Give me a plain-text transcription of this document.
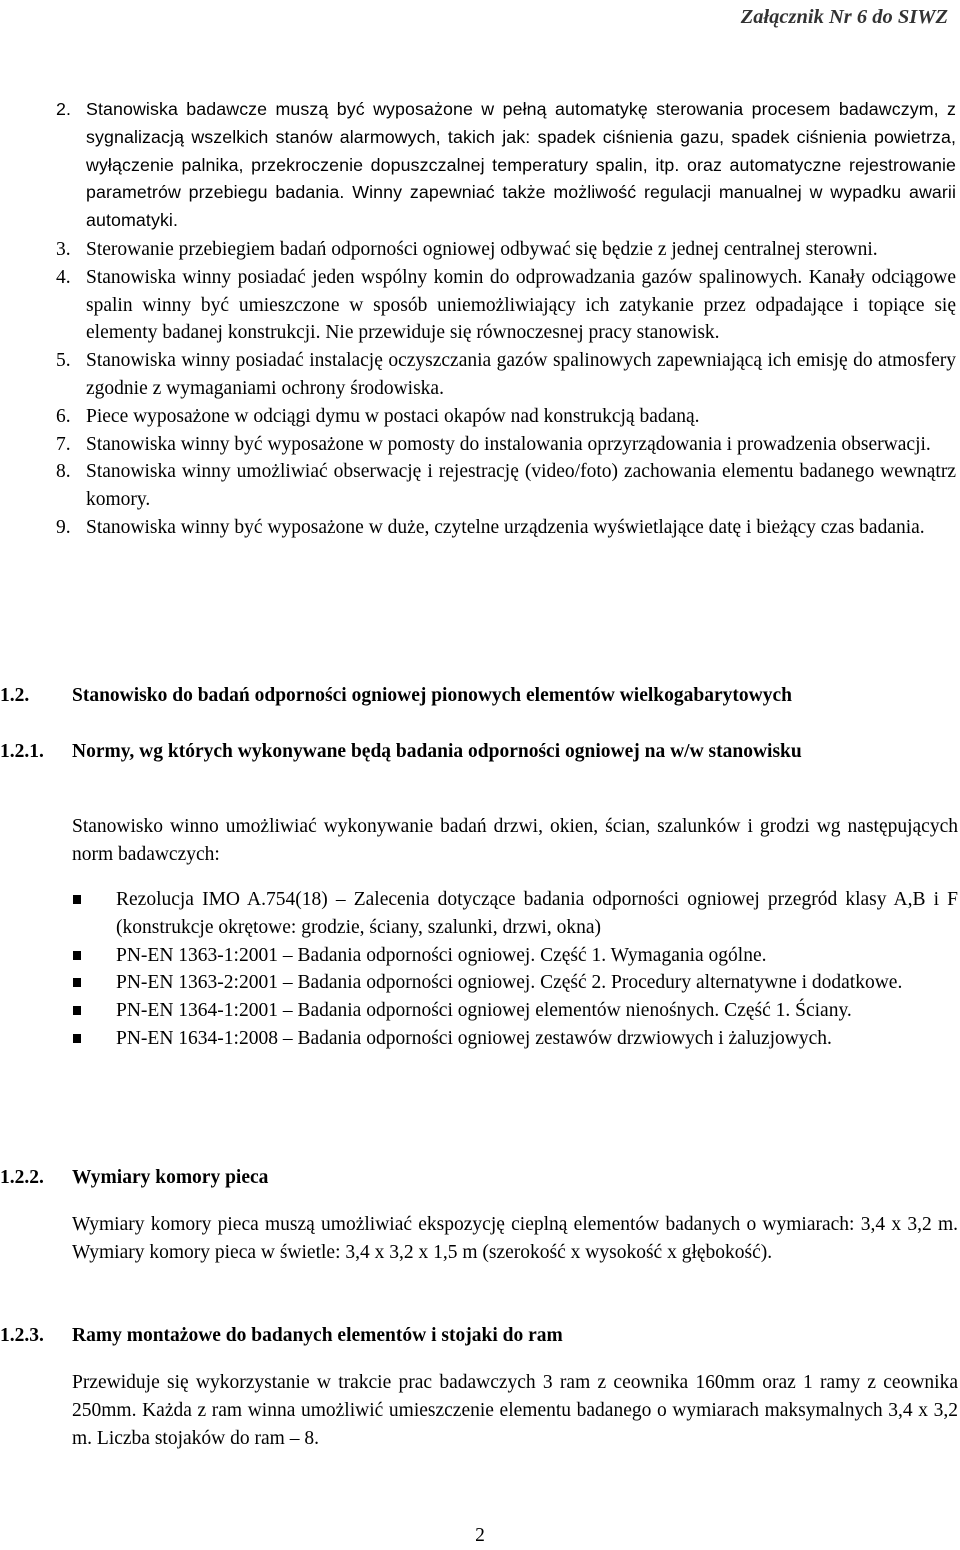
Załącznik Nr 6 do SIWZ
2. Stanowiska badawcze muszą być wyposażone w pełną automatykę sterowania procesem badawczym, z sygnalizacją wszelkich stanów alarmowych, takich jak: spadek ciśnienia gazu, spadek ciśnienia powietrza, wyłączenie palnika, przekroczenie dopuszczalnej temperatury spalin, itp. oraz automatyczne rejestrowanie parametrów przebiegu badania. Winny zapewniać także możliwość regulacji manualnej w wypadku awarii automatyki.
3. Sterowanie przebiegiem badań odporności ogniowej odbywać się będzie z jednej centralnej sterowni.
4. Stanowiska winny posiadać jeden wspólny komin do odprowadzania gazów spalinowych. Kanały odciągowe spalin winny być umieszczone w sposób uniemożliwiający ich zatykanie przez odpadające i topiące się elementy badanej konstrukcji. Nie przewiduje się równoczesnej pracy stanowisk.
5. Stanowiska winny posiadać instalację oczyszczania gazów spalinowych zapewniającą ich emisję do atmosfery zgodnie z wymaganiami ochrony środowiska.
6. Piece wyposażone w odciągi dymu w postaci okapów nad konstrukcją badaną.
7. Stanowiska winny być wyposażone w pomosty do instalowania oprzyrządowania i prowadzenia obserwacji.
8. Stanowiska winny umożliwiać obserwację i rejestrację (video/foto) zachowania elementu badanego wewnątrz komory.
9. Stanowiska winny być wyposażone w duże, czytelne urządzenia wyświetlające datę i bieżący czas badania.
1.2.	Stanowisko do badań odporności ogniowej pionowych elementów wielkogabarytowych
1.2.1.	Normy, wg których wykonywane będą badania odporności ogniowej na w/w stanowisku
Stanowisko winno umożliwiać wykonywanie badań drzwi, okien, ścian, szalunków i grodzi wg następujących norm badawczych:
Rezolucja IMO A.754(18) – Zalecenia dotyczące badania odporności ogniowej przegród klasy A,B i F (konstrukcje okrętowe: grodzie, ściany, szalunki, drzwi, okna)
PN-EN 1363-1:2001 – Badania odporności ogniowej. Część 1. Wymagania ogólne.
PN-EN 1363-2:2001 – Badania odporności ogniowej. Część 2. Procedury alternatywne i dodatkowe.
PN-EN 1364-1:2001 – Badania odporności ogniowej elementów nienośnych. Część 1. Ściany.
PN-EN 1634-1:2008 – Badania odporności ogniowej zestawów drzwiowych i żaluzjowych.
1.2.2.	Wymiary komory pieca
Wymiary komory pieca muszą umożliwiać ekspozycję cieplną elementów badanych o wymiarach: 3,4 x 3,2 m. Wymiary komory pieca w świetle: 3,4 x 3,2 x 1,5 m (szerokość x wysokość x głębokość).
1.2.3.	Ramy montażowe do badanych elementów i stojaki do ram
Przewiduje się wykorzystanie w trakcie prac badawczych 3 ram z ceownika 160mm oraz 1 ramy z ceownika 250mm. Każda z ram winna umożliwić umieszczenie elementu badanego o wymiarach maksymalnych 3,4 x 3,2 m. Liczba stojaków do ram – 8.
2
